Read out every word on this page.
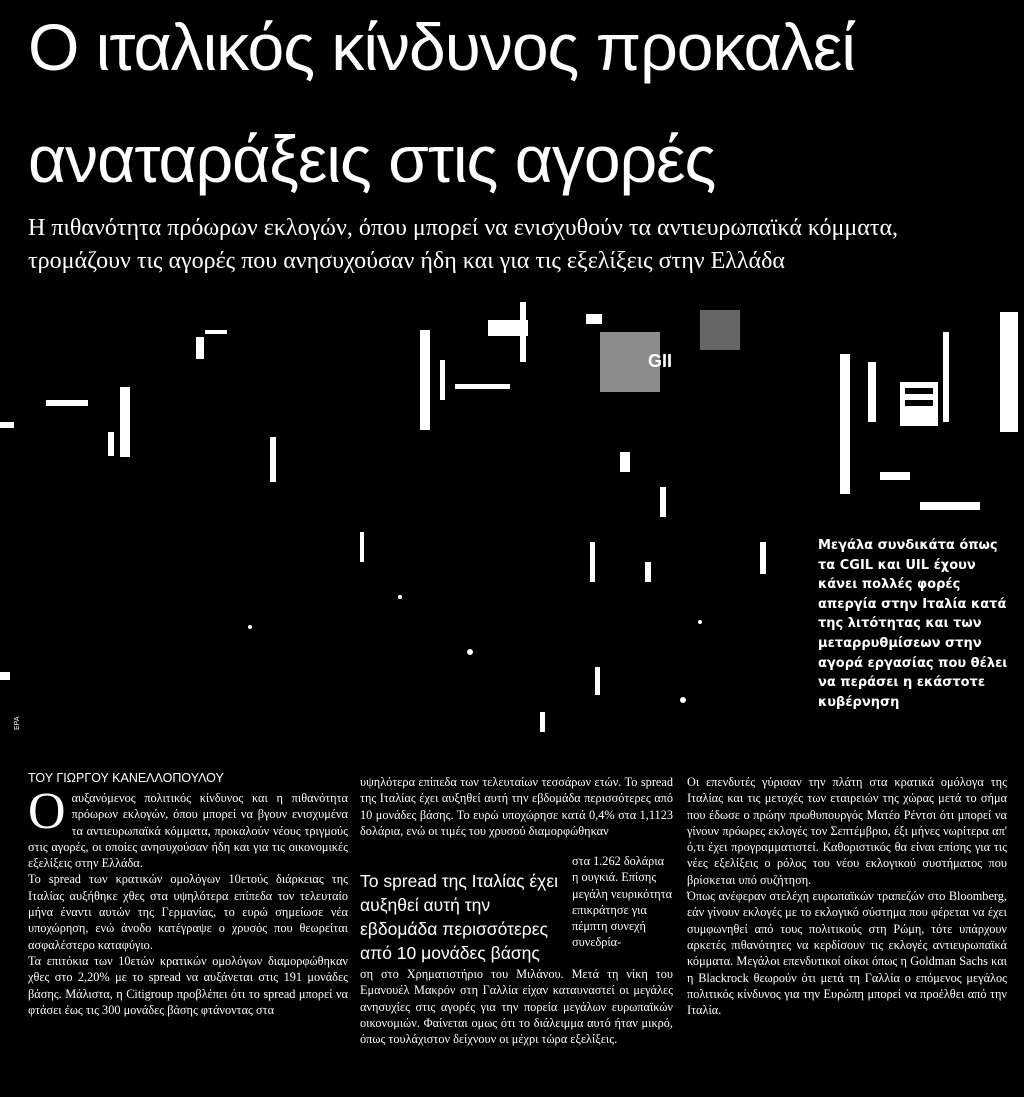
Ο ιταλικός κίνδυνος προκαλεί
αναταράξεις στις αγορές
Η πιθανότητα πρόωρων εκλογών, όπου μπορεί να ενισχυθούν τα αντιευρωπαϊκά κόμματα, τρομάζουν τις αγορές που ανησυχούσαν ήδη και για τις εξελίξεις στην Ελλάδα
GII
Μεγάλα συνδικάτα όπως τα CGIL και UIL έχουν κάνει πολλές φορές απεργία στην Ιταλία κατά της λιτότητας και των μεταρρυθμίσεων στην αγορά εργασίας που θέλει να περάσει η εκάστοτε κυβέρνηση
ΕΡΑ
ΤΟΥ ΓΙΩΡΓΟΥ ΚΑΝΕΛΛΟΠΟΥΛΟΥ

Οαυξανόμενος πολιτικός κίνδυνος και η πιθανότητα πρόωρων εκλογών, όπου μπορεί να βγουν ενισχυμένα τα αντιευρωπαϊκά κόμματα, προκαλούν νέους τριγμούς στις αγορές, οι οποίες ανησυχούσαν ήδη και για τις οικονομικές εξελίξεις στην Ελλάδα.

Το spread των κρατικών ομολόγων 10ετούς διάρκειας της Ιταλίας αυξήθηκε χθες στα υψηλότερα επίπεδα τον τελευταίο μήνα έναντι αυτών της Γερμανίας, το ευρώ σημείωσε νέα υποχώρηση, ενώ άνοδο κατέγραψε ο χρυσός που θεωρείται ασφαλέστερο καταφύγιο.

Τα επιτόκια των 10ετών κρατικών ομολόγων διαμορφώθηκαν χθες στο 2,20% με το spread να αυξάνεται στις 191 μονάδες βάσης. Μάλιστα, η Citigroup προβλέπει ότι το spread μπορεί να φτάσει έως τις 300 μονάδες βάσης φτάνοντας στα

υψηλότερα επίπεδα των τελευταίων τεσσάρων ετών. Το spread της Ιταλίας έχει αυξηθεί αυτή την εβδομάδα περισσότερες από 10 μονάδες βάσης. Το ευρώ υποχώρησε κατά 0,4% στα 1,1123 δολάρια, ενώ οι τιμές του χρυσού διαμορφώθηκαν
Το spread της Ιταλίας έχει αυξηθεί αυτή την εβδομάδα περισσότερες από 10 μονάδες βάσης
στα 1.262 δολάρια η ουγκιά. Επίσης μεγάλη νευρικότητα επικράτησε για πέμπτη συνεχή συνεδρία-
ση στο Χρηματιστήριο του Μιλάνου. Μετά τη νίκη του Εμανουέλ Μακρόν στη Γαλλία είχαν καταυναστεί οι μεγάλες ανησυχίες στις αγορές για την πορεία μεγάλων ευρωπαϊκών οικονομιών. Φαίνεται ομως ότι το διάλειμμα αυτό ήταν μικρό, όπως τουλάχιστον δείχνουν οι μέχρι τώρα εξελίξεις.

Οι επενδυτές γύρισαν την πλάτη στα κρατικά ομόλογα της Ιταλίας και τις μετοχές των εταιρειών της χώρας μετά το σήμα που έδωσε ο πρώην πρωθυπουργός Ματέο Ρέντσι ότι μπορεί να γίνουν πρόωρες εκλογές τον Σεπτέμβριο, έξι μήνες νωρίτερα απ' ό,τι έχει προγραμματιστεί. Καθοριστικός θα είναι επίσης για τις νέες εξελίξεις ο ρόλος του νέου εκλογικού συστήματος που βρίσκεται υπό συζήτηση.

Όπως ανέφεραν στελέχη ευρωπαϊκών τραπεζών στο Bloomberg, εάν γίνουν εκλογές με το εκλογικό σύστημα που φέρεται να έχει συμφωνηθεί από τους πολιτικούς στη Ρώμη, τότε υπάρχουν αρκετές πιθανότητες να κερδίσουν τις εκλογές αντιευρωπαϊκά κόμματα. Μεγάλοι επενδυτικοί οίκοι όπως η Goldman Sachs και η Blackrock θεωρούν ότι μετά τη Γαλλία ο επόμενος μεγάλος πολιτικός κίνδυνος για την Ευρώπη μπορεί να προέλθει από την Ιταλία.
